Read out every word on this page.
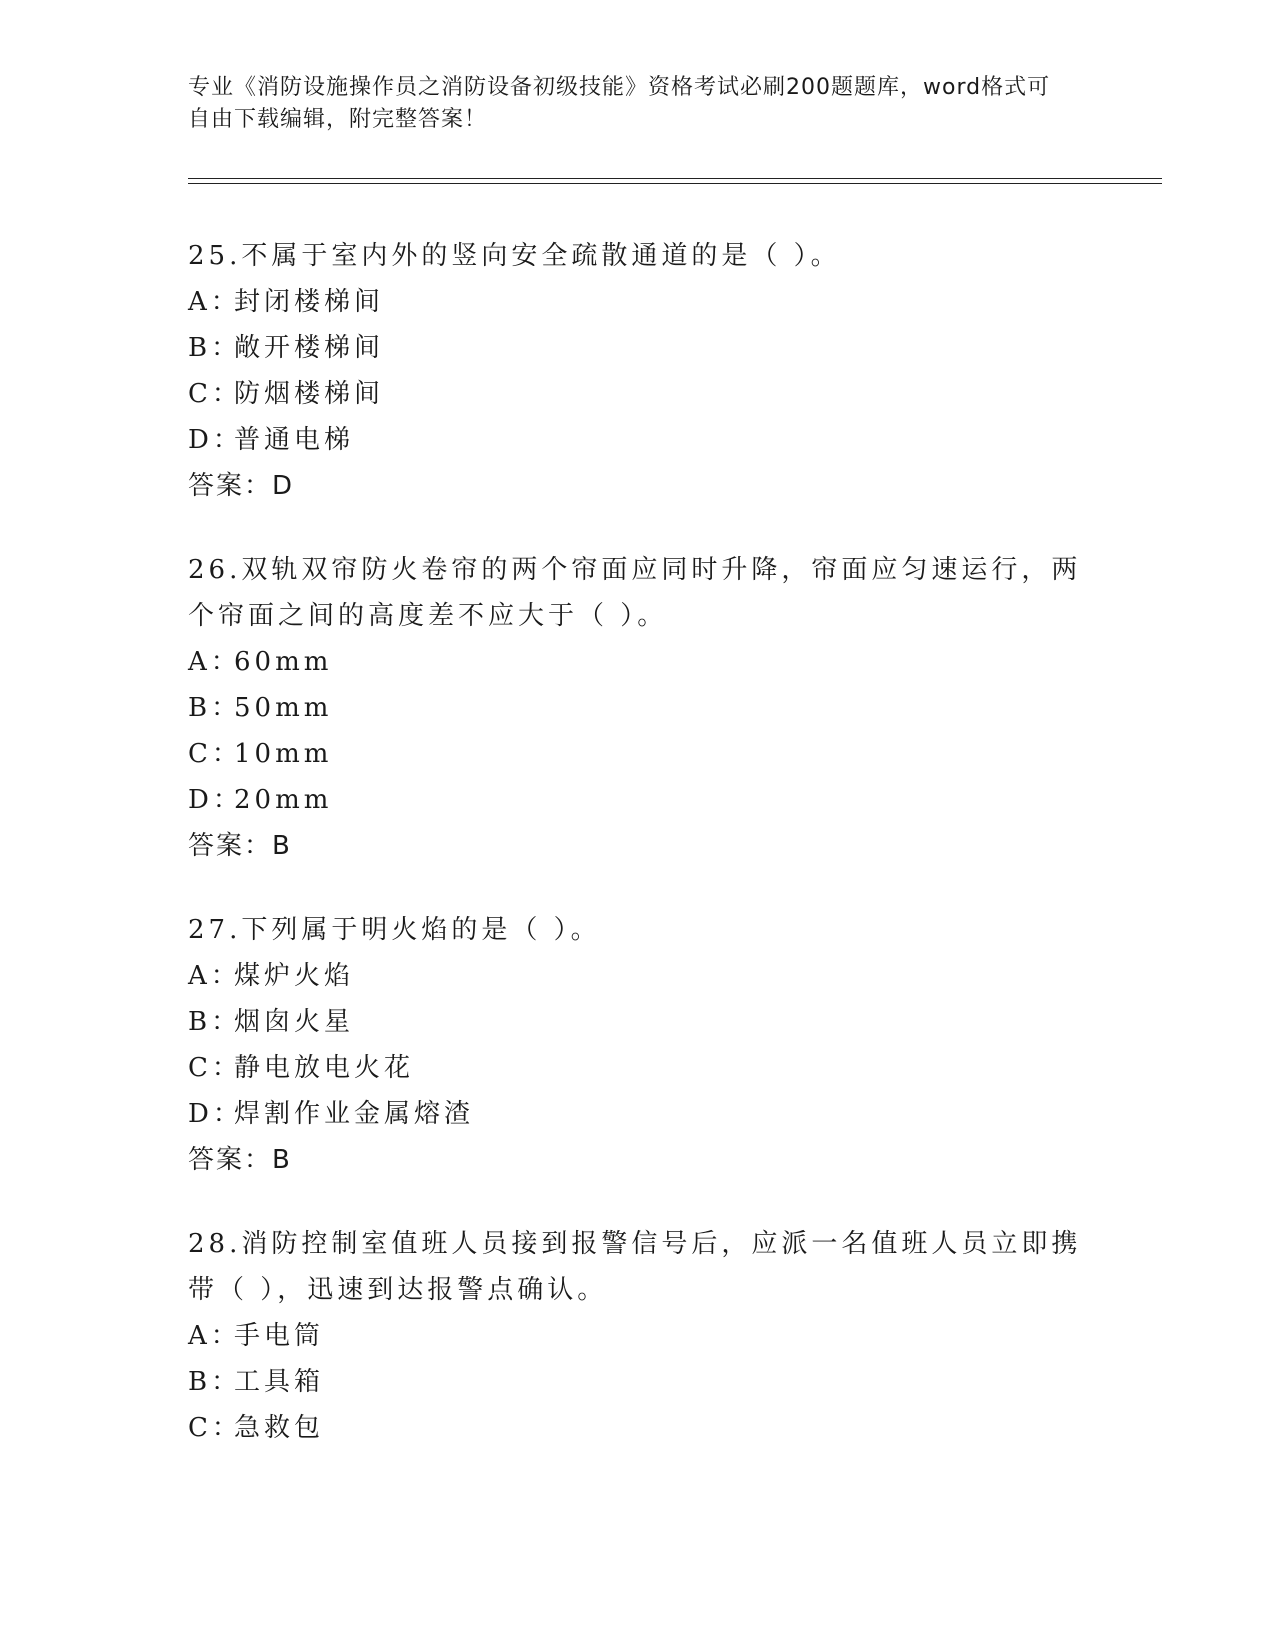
专业《消防设施操作员之消防设备初级技能》资格考试必刷200题题库，word格式可自由下载编辑，附完整答案！

25.不属于室内外的竖向安全疏散通道的是（ ）。

A：
封闭楼梯间

B：
敞开楼梯间

C：
防烟楼梯间

D：
普通电梯

答案：D

26.双轨双帘防火卷帘的两个帘面应同时升降，帘面应匀速运行，两个帘面之间的高度差不应大于（ ）。

A：
60mm

B：
50mm

C：
10mm

D：
20mm

答案：B

27.下列属于明火焰的是（ ）。

A：
煤炉火焰

B：
烟囱火星

C：
静电放电火花

D：
焊割作业金属熔渣

答案：B

28.消防控制室值班人员接到报警信号后，应派一名值班人员立即携带（ ），迅速到达报警点确认。

A：
手电筒

B：
工具箱

C：
急救包
